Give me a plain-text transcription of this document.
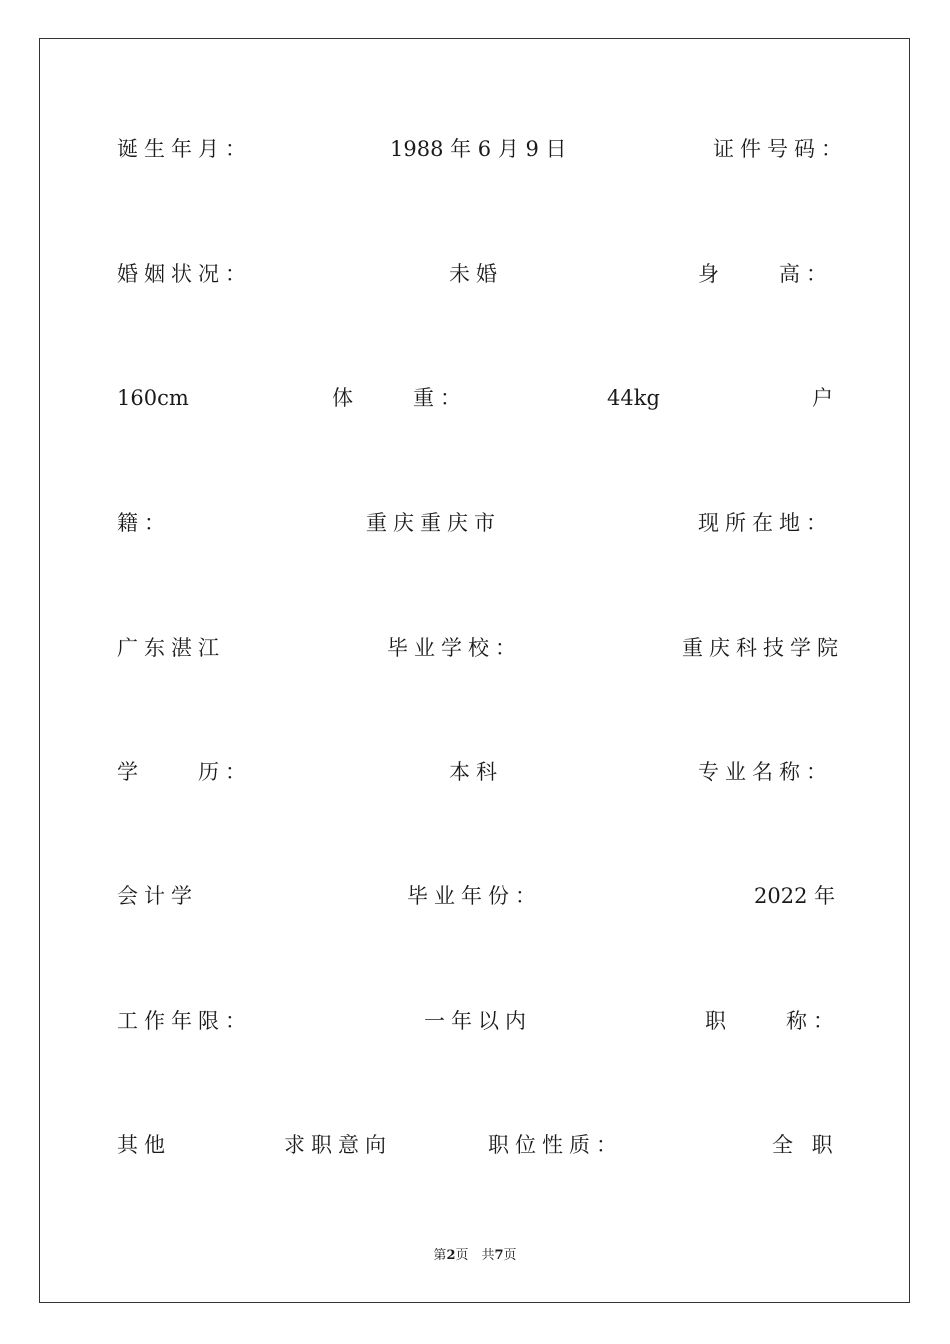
诞生年月：	1988 年 6 月 9 日	证件号码：
婚姻状况：	未婚	身　　高：
160cm	体　　重：	44kg	户
籍：	重庆重庆市	现所在地：
广东湛江	毕业学校：	重庆科技学院
学　　历：	本科	专业名称：
会计学	毕业年份：	2022 年
工作年限：	一年以内	职　　称：
其他	求职意向	职位性质：	全 职
第2页　共7页
